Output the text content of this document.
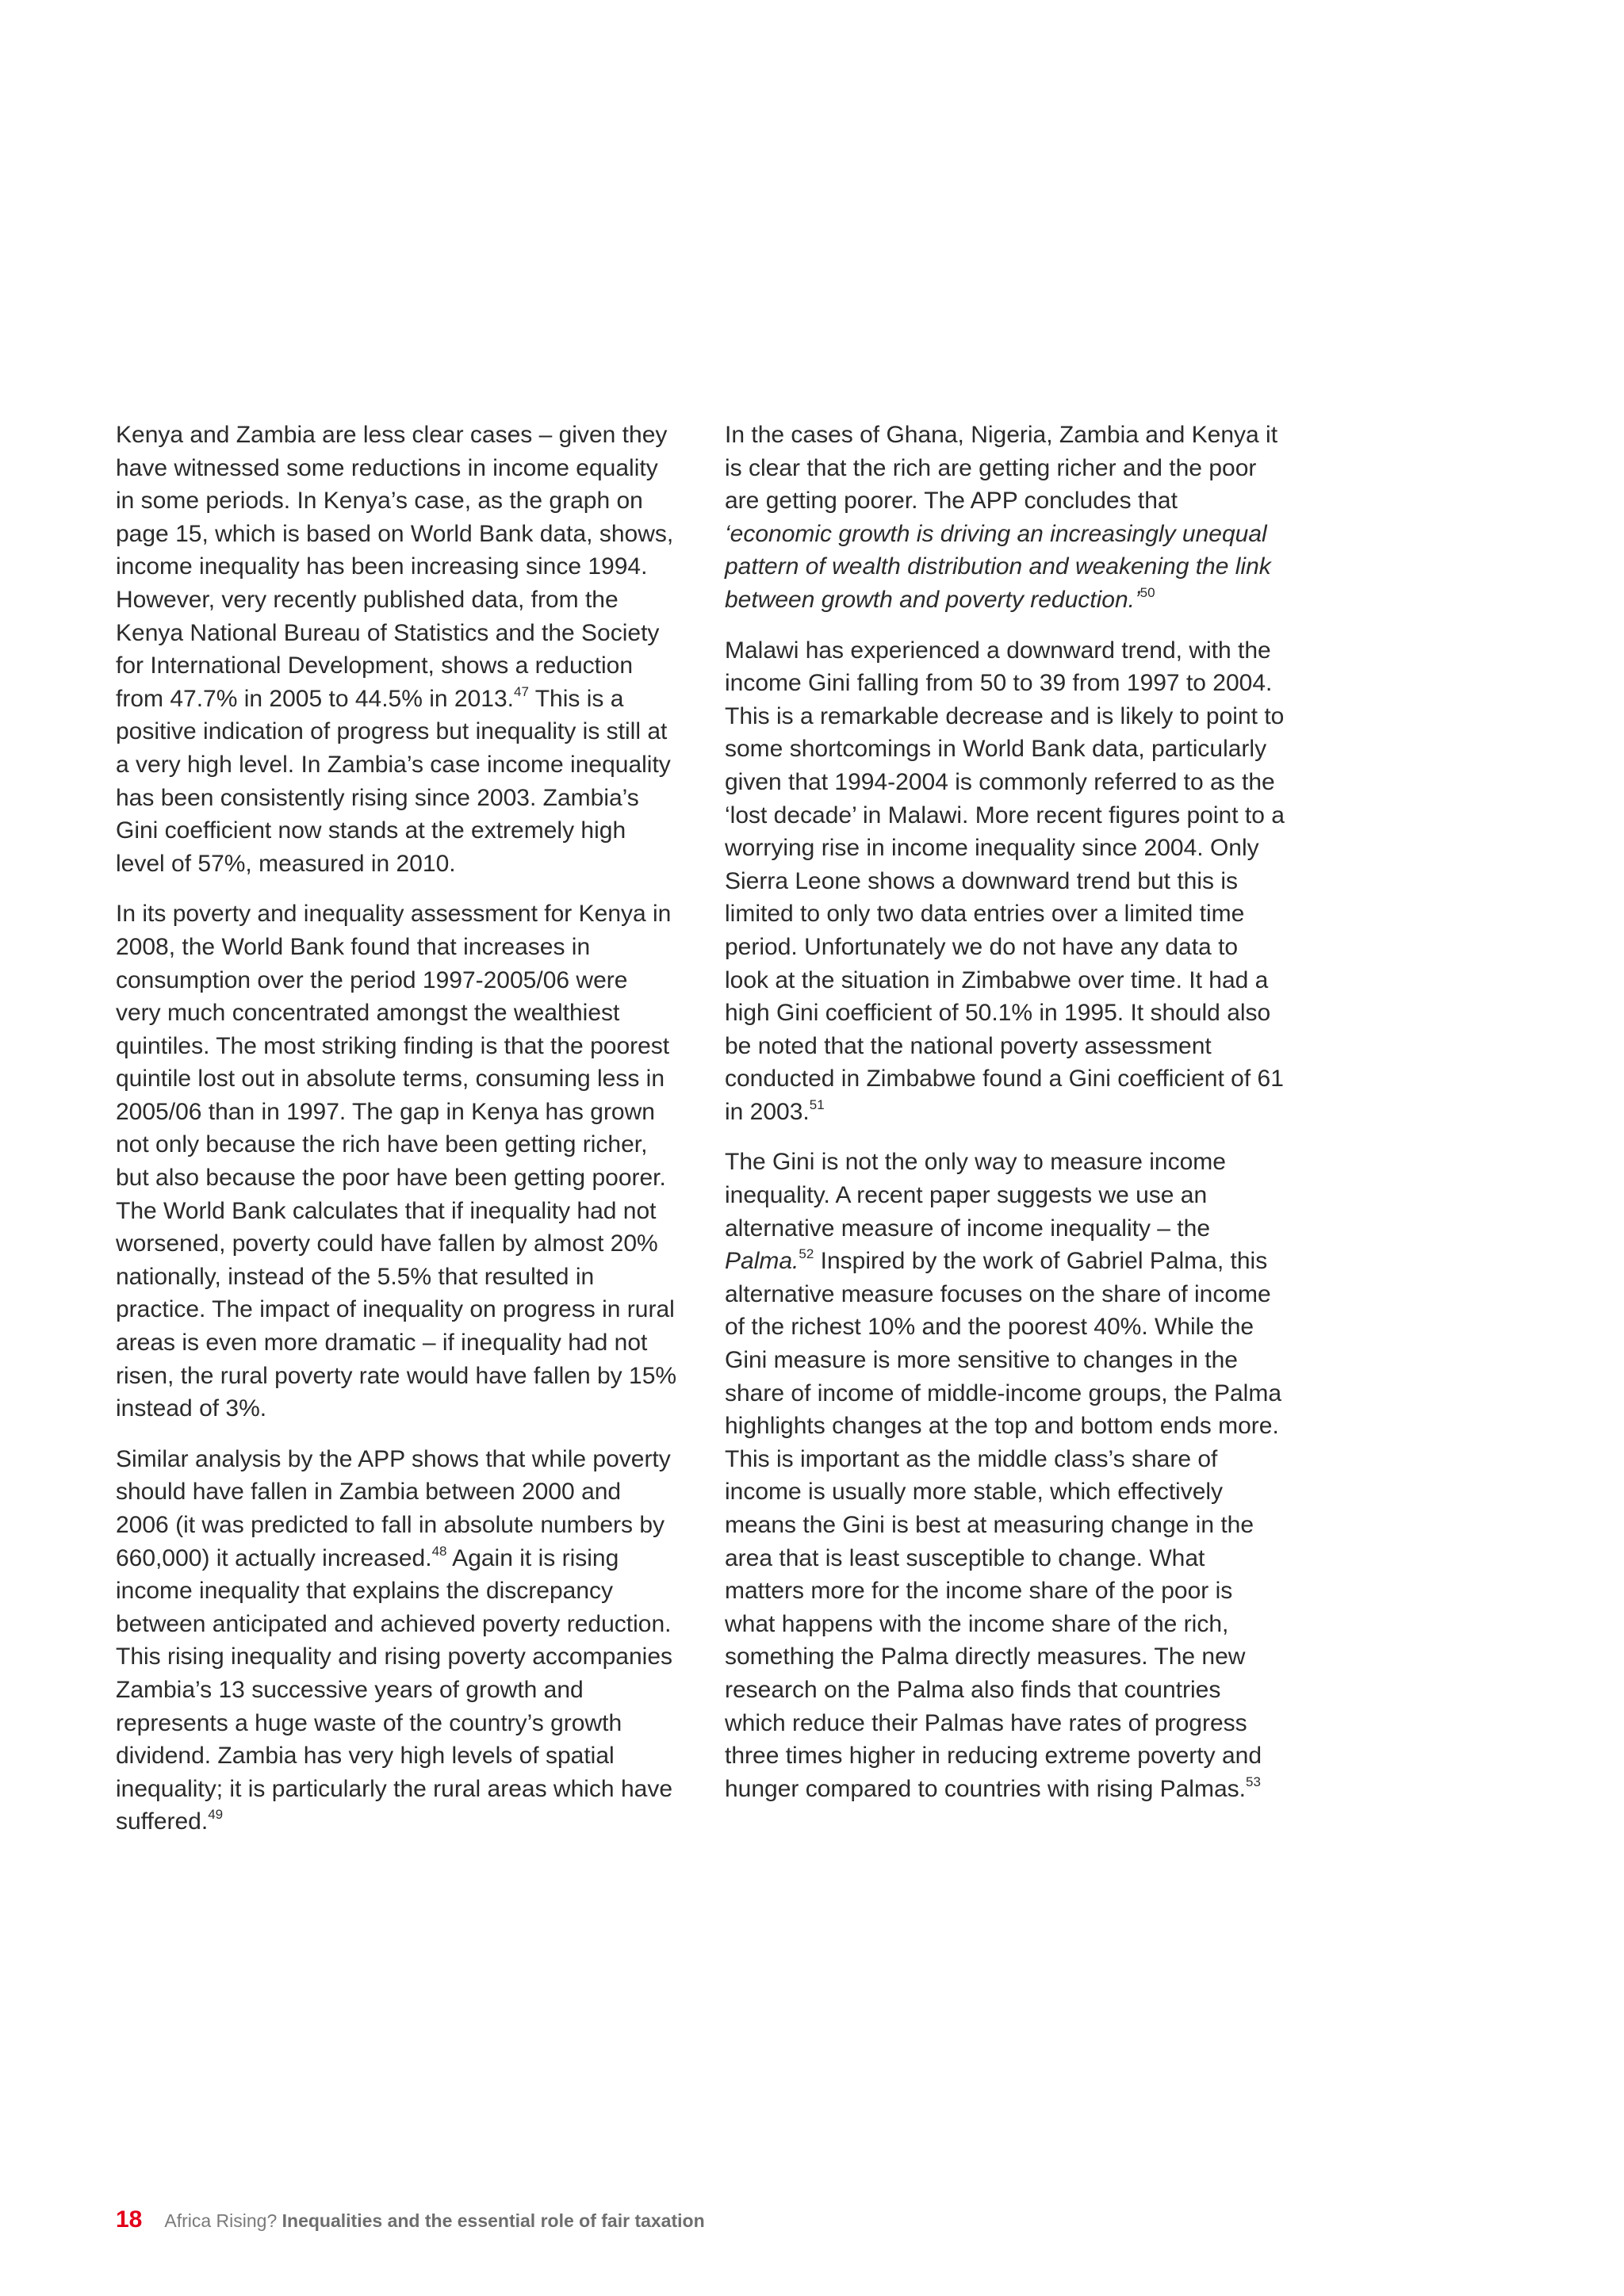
Kenya and Zambia are less clear cases – given they have witnessed some reductions in income equality in some periods. In Kenya’s case, as the graph on page 15, which is based on World Bank data, shows, income inequality has been increasing since 1994. However, very recently published data, from the Kenya National Bureau of Statistics and the Society for International Development, shows a reduction from 47.7% in 2005 to 44.5% in 2013.47 This is a positive indication of progress but inequality is still at a very high level. In Zambia’s case income inequality has been consistently rising since 2003. Zambia’s Gini coefficient now stands at the extremely high level of 57%, measured in 2010.

In its poverty and inequality assessment for Kenya in 2008, the World Bank found that increases in consumption over the period 1997-2005/06 were very much concentrated amongst the wealthiest quintiles. The most striking finding is that the poorest quintile lost out in absolute terms, consuming less in 2005/06 than in 1997. The gap in Kenya has grown not only because the rich have been getting richer, but also because the poor have been getting poorer. The World Bank calculates that if inequality had not worsened, poverty could have fallen by almost 20% nationally, instead of the 5.5% that resulted in practice. The impact of inequality on progress in rural areas is even more dramatic – if inequality had not risen, the rural poverty rate would have fallen by 15% instead of 3%.

Similar analysis by the APP shows that while poverty should have fallen in Zambia between 2000 and 2006 (it was predicted to fall in absolute numbers by 660,000) it actually increased.$^{48}$ Again it is rising income inequality that explains the discrepancy between anticipated and achieved poverty reduction. This rising inequality and rising poverty accompanies Zambia’s 13 successive years of growth and represents a huge waste of the country’s growth dividend. Zambia has very high levels of spatial inequality; it is particularly the rural areas which have suffered.$^{49}$

In the cases of Ghana, Nigeria, Zambia and Kenya it is clear that the rich are getting richer and the poor are getting poorer. The APP concludes that ‘economic growth is driving an increasingly unequal pattern of wealth distribution and weakening the link between growth and poverty reduction.’$^{50}$

Malawi has experienced a downward trend, with the income Gini falling from 50 to 39 from 1997 to 2004. This is a remarkable decrease and is likely to point to some shortcomings in World Bank data, particularly given that 1994-2004 is commonly referred to as the ‘lost decade’ in Malawi. More recent figures point to a worrying rise in income inequality since 2004. Only Sierra Leone shows a downward trend but this is limited to only two data entries over a limited time period. Unfortunately we do not have any data to look at the situation in Zimbabwe over time. It had a high Gini coefficient of 50.1% in 1995. It should also be noted that the national poverty assessment conducted in Zimbabwe found a Gini coefficient of 61 in 2003.51

The Gini is not the only way to measure income inequality. A recent paper suggests we use an alternative measure of income inequality – the Palma.$^{52}$ Inspired by the work of Gabriel Palma, this alternative measure focuses on the share of income of the richest 10% and the poorest 40%. While the Gini measure is more sensitive to changes in the share of income of middle-income groups, the Palma highlights changes at the top and bottom ends more. This is important as the middle class’s share of income is usually more stable, which effectively means the Gini is best at measuring change in the area that is least susceptible to change. What matters more for the income share of the poor is what happens with the income share of the rich, something the Palma directly measures. The new research on the Palma also finds that countries which reduce their Palmas have rates of progress three times higher in reducing extreme poverty and hunger compared to countries with rising Palmas.$^{53}$

18 Africa Rising? Inequalities and the essential role of fair taxation
